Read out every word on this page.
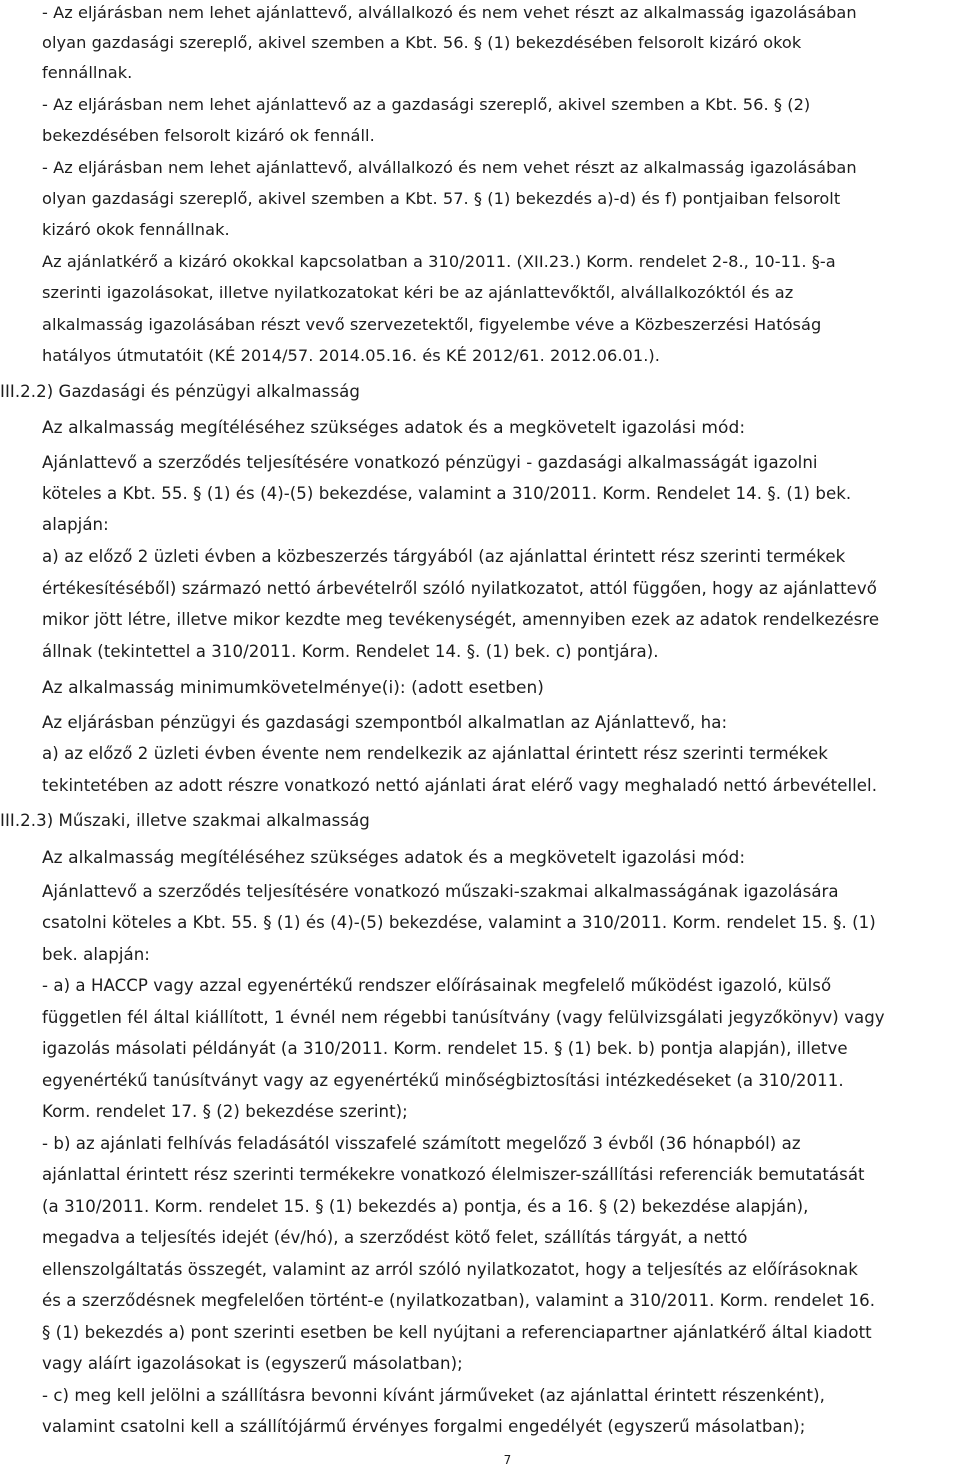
- Az eljárásban nem lehet ajánlattevő, alvállalkozó és nem vehet részt az alkalmasság igazolásában
olyan gazdasági szereplő, akivel szemben a Kbt. 56. § (1) bekezdésében felsorolt kizáró okok
fennállnak.
- Az eljárásban nem lehet ajánlattevő az a gazdasági szereplő, akivel szemben a Kbt. 56. § (2)
bekezdésében felsorolt kizáró ok fennáll.
- Az eljárásban nem lehet ajánlattevő, alvállalkozó és nem vehet részt az alkalmasság igazolásában
olyan gazdasági szereplő, akivel szemben a Kbt. 57. § (1) bekezdés a)-d) és f) pontjaiban felsorolt
kizáró okok fennállnak.
Az ajánlatkérő a kizáró okokkal kapcsolatban a 310/2011. (XII.23.) Korm. rendelet 2-8., 10-11. §-a
szerinti igazolásokat, illetve nyilatkozatokat kéri be az ajánlattevőktől, alvállalkozóktól és az
alkalmasság igazolásában részt vevő szervezetektől, figyelembe véve a Közbeszerzési Hatóság
hatályos útmutatóit (KÉ 2014/57. 2014.05.16. és KÉ 2012/61. 2012.06.01.).
III.2.2) Gazdasági és pénzügyi alkalmasság
Az alkalmasság megítéléséhez szükséges adatok és a megkövetelt igazolási mód:
Ajánlattevő a szerződés teljesítésére vonatkozó pénzügyi - gazdasági alkalmasságát igazolni
köteles a Kbt. 55. § (1) és (4)-(5) bekezdése, valamint a 310/2011. Korm. Rendelet 14. §. (1) bek.
alapján:
a) az előző 2 üzleti évben a közbeszerzés tárgyából (az ajánlattal érintett rész szerinti termékek
értékesítéséből) származó nettó árbevételről szóló nyilatkozatot, attól függően, hogy az ajánlattevő
mikor jött létre, illetve mikor kezdte meg tevékenységét, amennyiben ezek az adatok rendelkezésre
állnak (tekintettel a 310/2011. Korm. Rendelet 14. §. (1) bek. c) pontjára).
Az alkalmasság minimumkövetelménye(i): (adott esetben)
Az eljárásban pénzügyi és gazdasági szempontból alkalmatlan az Ajánlattevő, ha:
a) az előző 2 üzleti évben évente nem rendelkezik az ajánlattal érintett rész szerinti termékek
tekintetében az adott részre vonatkozó nettó ajánlati árat elérő vagy meghaladó nettó árbevétellel.
III.2.3) Műszaki, illetve szakmai alkalmasság
Az alkalmasság megítéléséhez szükséges adatok és a megkövetelt igazolási mód:
Ajánlattevő a szerződés teljesítésére vonatkozó műszaki-szakmai alkalmasságának igazolására
csatolni köteles a Kbt. 55. § (1) és (4)-(5) bekezdése, valamint a 310/2011. Korm. rendelet 15. §. (1)
bek. alapján:
- a) a HACCP vagy azzal egyenértékű rendszer előírásainak megfelelő működést igazoló, külső
független fél által kiállított, 1 évnél nem régebbi tanúsítvány (vagy felülvizsgálati jegyzőkönyv) vagy
igazolás másolati példányát (a 310/2011. Korm. rendelet 15. § (1) bek. b) pontja alapján), illetve
egyenértékű tanúsítványt vagy az egyenértékű minőségbiztosítási intézkedéseket (a 310/2011.
Korm. rendelet 17. § (2) bekezdése szerint);
- b) az ajánlati felhívás feladásától visszafelé számított megelőző 3 évből (36 hónapból) az
ajánlattal érintett rész szerinti termékekre vonatkozó élelmiszer-szállítási referenciák bemutatását
(a 310/2011. Korm. rendelet 15. § (1) bekezdés a) pontja, és a 16. § (2) bekezdése alapján),
megadva a teljesítés idejét (év/hó), a szerződést kötő felet, szállítás tárgyát, a nettó
ellenszolgáltatás összegét, valamint az arról szóló nyilatkozatot, hogy a teljesítés az előírásoknak
és a szerződésnek megfelelően történt-e (nyilatkozatban), valamint a 310/2011. Korm. rendelet 16.
§ (1) bekezdés a) pont szerinti esetben be kell nyújtani a referenciapartner ajánlatkérő által kiadott
vagy aláírt igazolásokat is (egyszerű másolatban);
- c) meg kell jelölni a szállításra bevonni kívánt járműveket (az ajánlattal érintett részenként),
valamint csatolni kell a szállítójármű érvényes forgalmi engedélyét (egyszerű másolatban);
7
